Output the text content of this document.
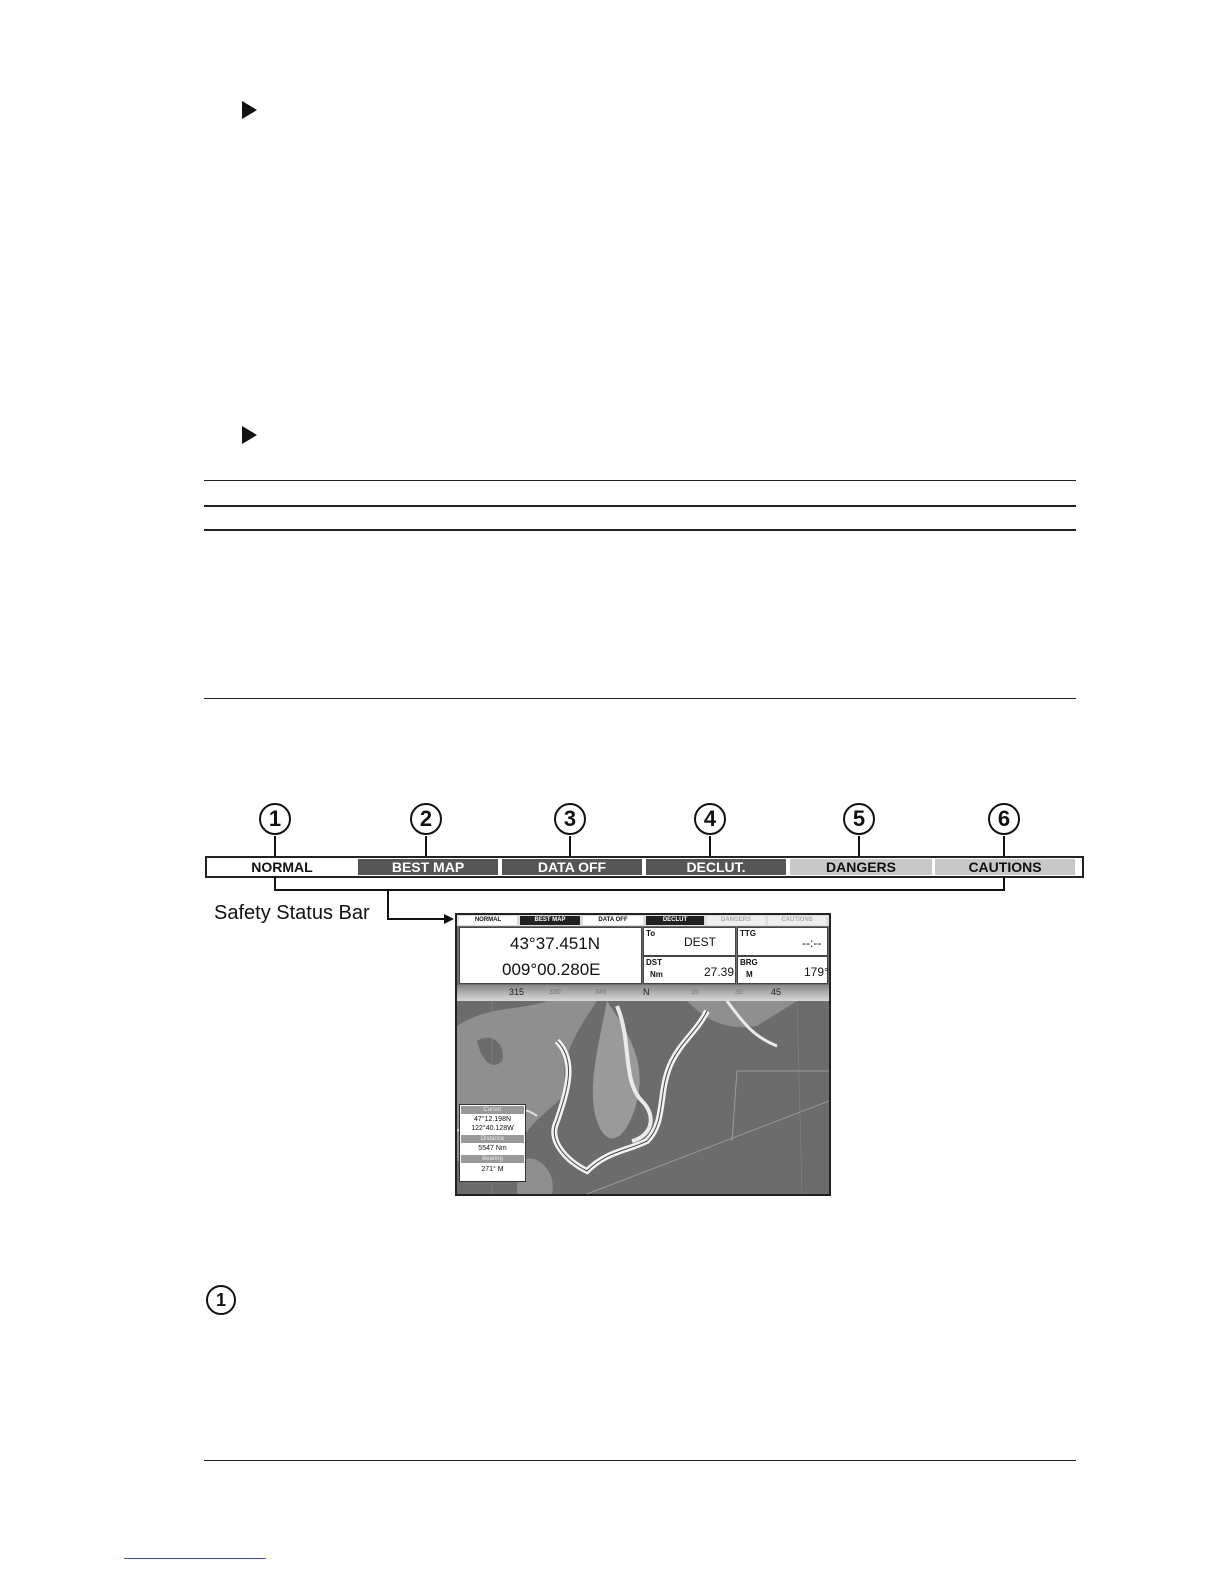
1	2	3	4	5	6
NORMAL	BEST MAP	DATA OFF	DECLUT.	DANGERS	CAUTIONS
Safety Status Bar	NORMAL	BEST MAP	DATA OFF	DECLUT	DANGERS	CAUTIONS
43°37.451N
009°00.280E
To
DEST
TTG
--:--
DST
Nm	27.39
BRG
M	179°
315	330	345	N	15	30	45
Cursor
47°12.198N
122°40.128W
Distance
5547 Nm
Bearing
271° M
1
